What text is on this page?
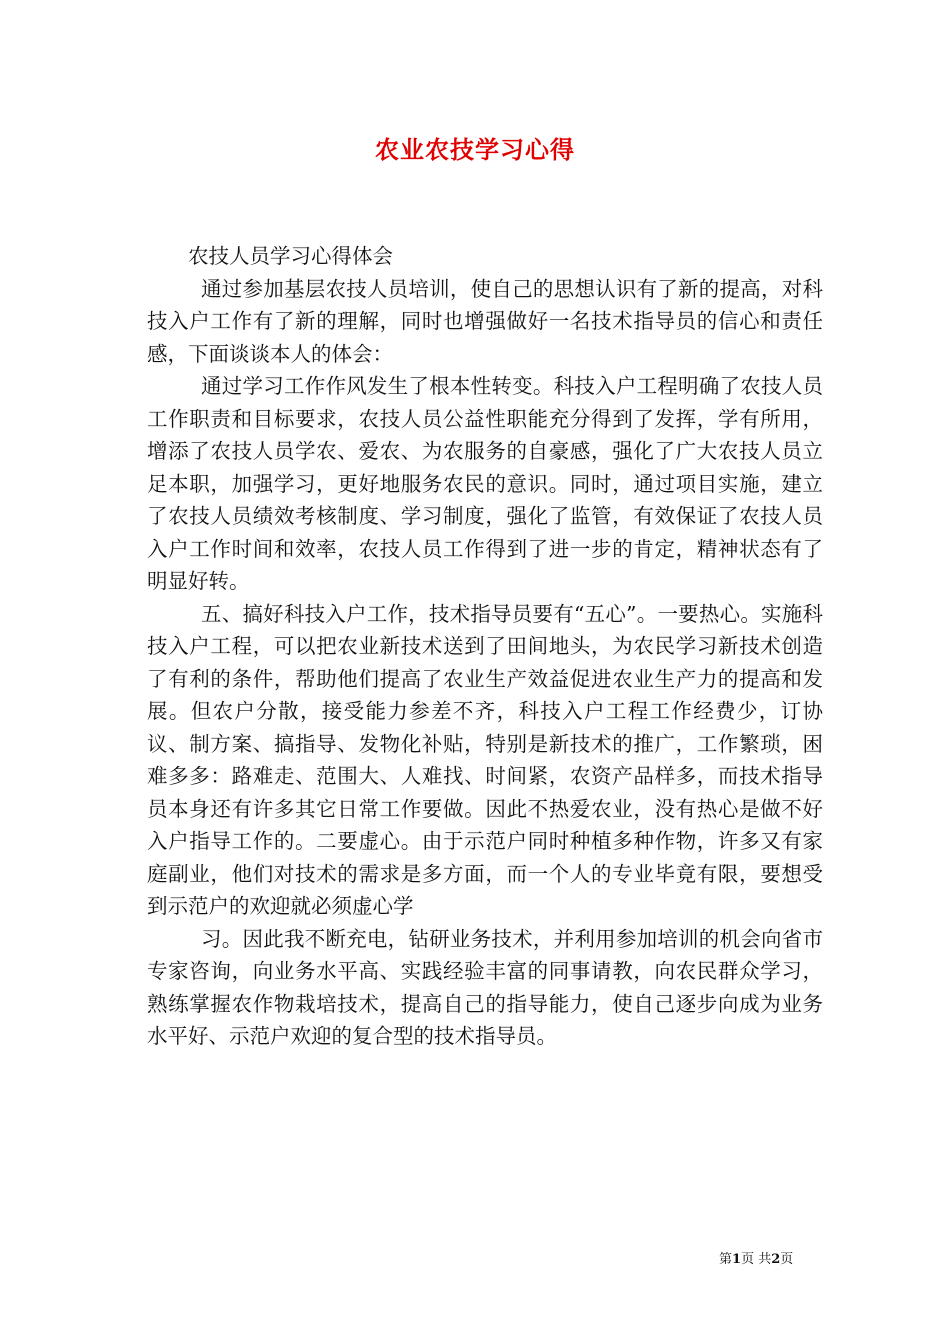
农业农技学习心得

农技人员学习心得体会

通过参加基层农技人员培训，使自己的思想认识有了新的提高，对科技入户工作有了新的理解，同时也增强做好一名技术指导员的信心和责任感，下面谈谈本人的体会：

通过学习工作作风发生了根本性转变。科技入户工程明确了农技人员工作职责和目标要求，农技人员公益性职能充分得到了发挥，学有所用，增添了农技人员学农、爱农、为农服务的自豪感，强化了广大农技人员立足本职，加强学习，更好地服务农民的意识。同时，通过项目实施，建立了农技人员绩效考核制度、学习制度，强化了监管，有效保证了农技人员入户工作时间和效率，农技人员工作得到了进一步的肯定，精神状态有了明显好转。

五、搞好科技入户工作，技术指导员要有“五心”。一要热心。实施科技入户工程，可以把农业新技术送到了田间地头，为农民学习新技术创造了有利的条件，帮助他们提高了农业生产效益促进农业生产力的提高和发展。但农户分散，接受能力参差不齐，科技入户工程工作经费少，订协议、制方案、搞指导、发物化补贴，特别是新技术的推广，工作繁琐，困难多多：路难走、范围大、人难找、时间紧，农资产品样多，而技术指导员本身还有许多其它日常工作要做。因此不热爱农业，没有热心是做不好入户指导工作的。二要虚心。由于示范户同时种植多种作物，许多又有家庭副业，他们对技术的需求是多方面，而一个人的专业毕竟有限，要想受到示范户的欢迎就必须虚心学

习。因此我不断充电，钻研业务技术，并利用参加培训的机会向省市专家咨询，向业务水平高、实践经验丰富的同事请教，向农民群众学习，熟练掌握农作物栽培技术，提高自己的指导能力，使自己逐步向成为业务水平好、示范户欢迎的复合型的技术指导员。

第1页 共2页
